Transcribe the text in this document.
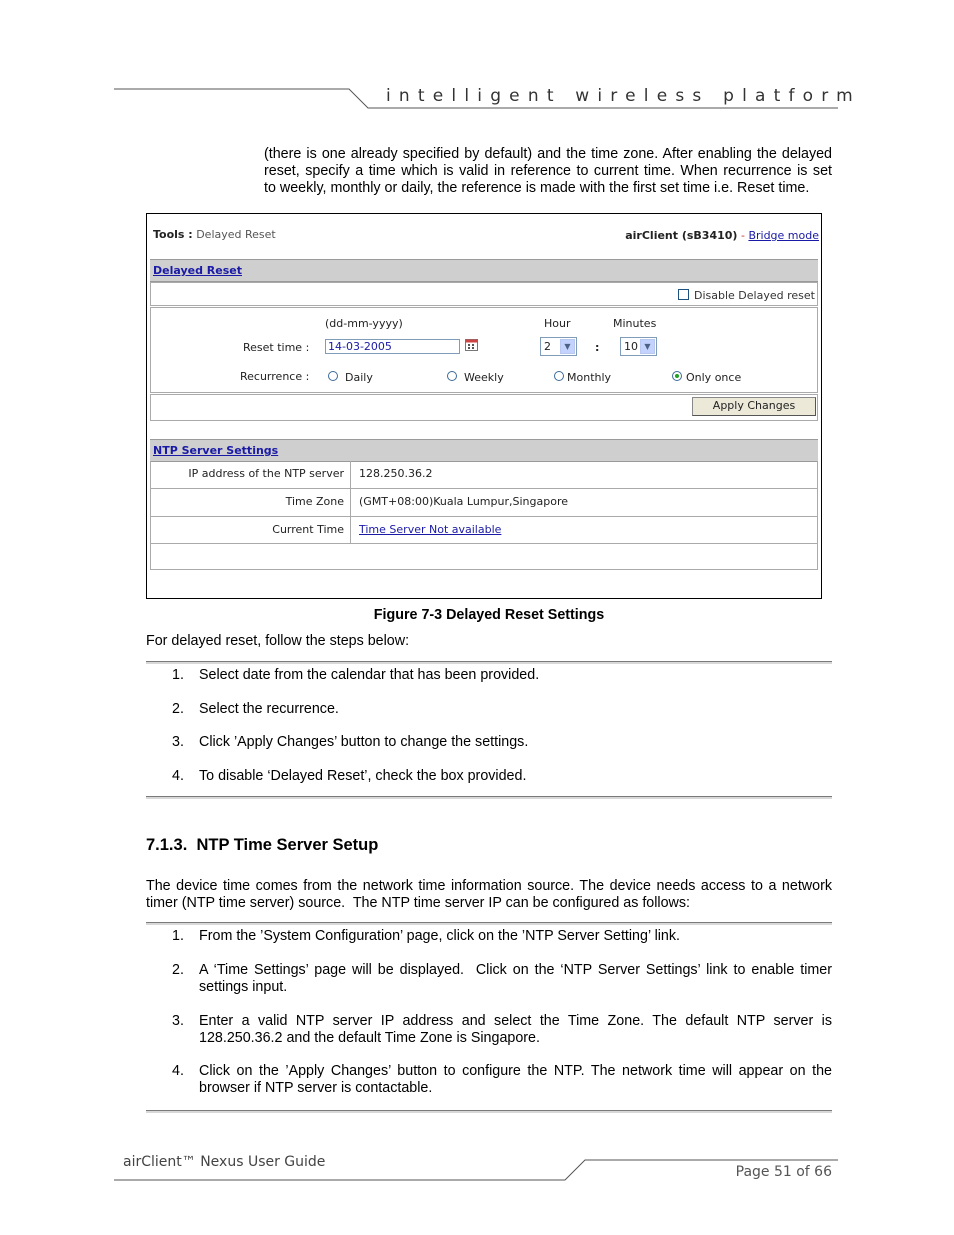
intelligent wireless platform
(there is one already specified by default) and the time zone. After enabling the delayed
reset, specify a time which is valid in reference to current time. When recurrence is set
to weekly, monthly or daily, the reference is made with the first set time i.e. Reset time.
Tools : Delayed Reset	airClient (sB3410) - Bridge mode
Delayed Reset
Disable Delayed reset
(dd-mm-yyyy)	Hour	Minutes
Reset time : 14-03-2005	2	▼	:	10 ▼
Recurrence :	Daily	Weekly	Monthly	Only once
Apply Changes
NTP Server Settings
IP address of the NTP server	128.250.36.2
Time Zone	(GMT+08:00)Kuala Lumpur,Singapore
Current Time	Time Server Not available
Figure 7-3 Delayed Reset Settings
For delayed reset, follow the steps below:
1. Select date from the calendar that has been provided.
2. Select the recurrence.
3. Click ’Apply Changes’ button to change the settings.
4. To disable ‘Delayed Reset’, check the box provided.
7.1.3.  NTP Time Server Setup
The device time comes from the network time information source. The device needs access to a network
timer (NTP time server) source.  The NTP time server IP can be configured as follows:
1. From the ’System Configuration’ page, click on the ’NTP Server Setting’ link.
2. A ‘Time Settings’ page will be displayed.  Click on the ‘NTP Server Settings’ link to enable timer
settings input.
3. Enter a valid NTP server IP address and select the Time Zone. The default NTP server is
128.250.36.2 and the default Time Zone is Singapore.
4. Click on the ’Apply Changes’ button to configure the NTP. The network time will appear on the
browser if NTP server is contactable.
airClient™ Nexus User Guide
Page 51 of 66
